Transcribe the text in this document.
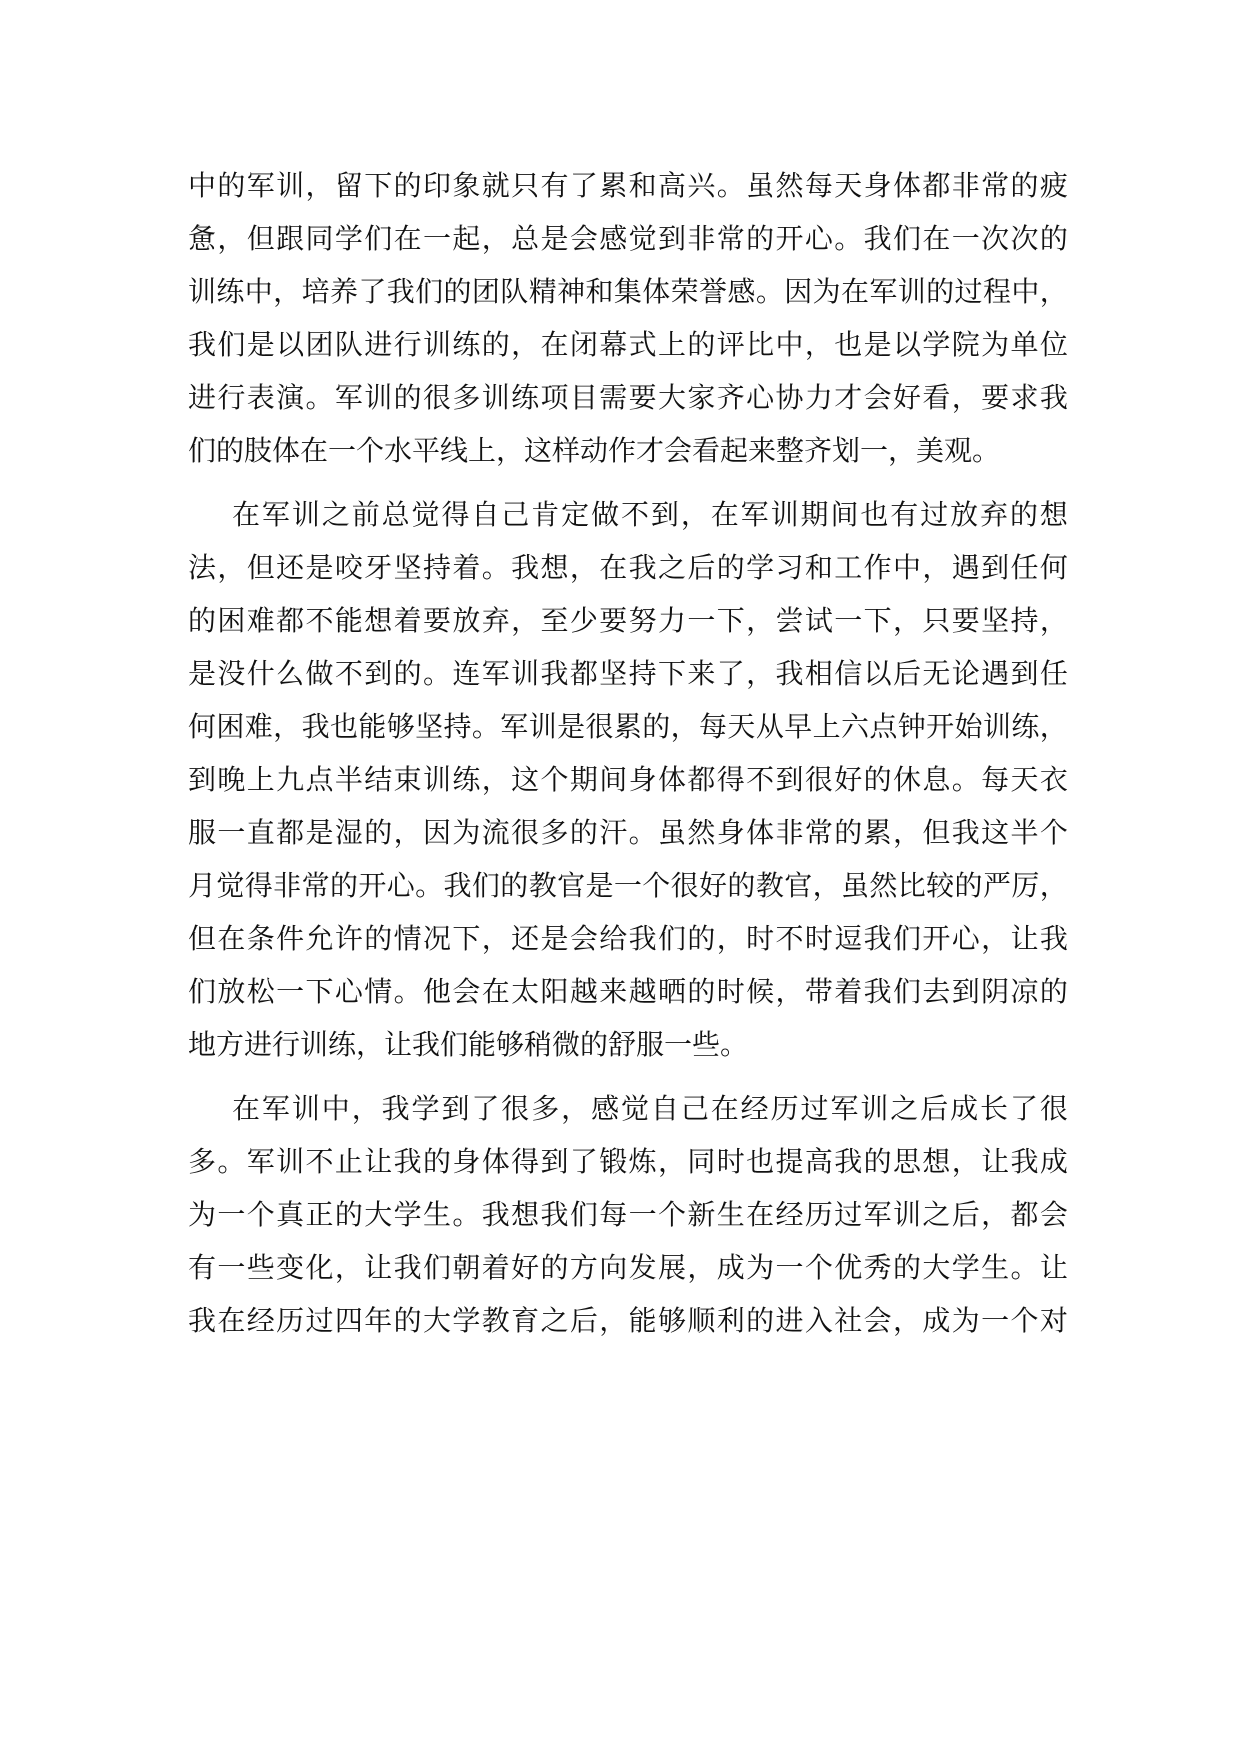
中 的 军 训 ， 留 下 的 印 象 就 只 有 了 累 和 高 兴 。 虽 然 每 天 身 体 都 非 常 的 疲
惫 ， 但 跟 同 学 们 在 一 起 ， 总 是 会 感 觉 到 非 常 的 开 心 。 我 们 在 一 次 次 的
训 练 中 ， 培 养 了 我 们 的 团 队 精 神 和 集 体 荣 誉 感 。 因 为 在 军 训 的 过 程 中 ，
我 们 是 以 团 队 进 行 训 练 的 ， 在 闭 幕 式 上 的 评 比 中 ， 也 是 以 学 院 为 单 位
进 行 表 演 。 军 训 的 很 多 训 练 项 目 需 要 大 家 齐 心 协 力 才 会 好 看 ， 要 求 我
们的肢体在一个水平线上，这样动作才会看起来整齐划一，美观。
在 军 训 之 前 总 觉 得 自 己 肯 定 做 不 到 ， 在 军 训 期 间 也 有 过 放 弃 的 想
法 ， 但 还 是 咬 牙 坚 持 着 。 我 想 ， 在 我 之 后 的 学 习 和 工 作 中 ， 遇 到 任 何
的 困 难 都 不 能 想 着 要 放 弃 ， 至 少 要 努 力 一 下 ， 尝 试 一 下 ， 只 要 坚 持 ，
是 没 什 么 做 不 到 的 。 连 军 训 我 都 坚 持 下 来 了 ， 我 相 信 以 后 无 论 遇 到 任
何 困 难 ， 我 也 能 够 坚 持 。 军 训 是 很 累 的 ， 每 天 从 早 上 六 点 钟 开 始 训 练 ，
到 晚 上 九 点 半 结 束 训 练 ， 这 个 期 间 身 体 都 得 不 到 很 好 的 休 息 。 每 天 衣
服 一 直 都 是 湿 的 ， 因 为 流 很 多 的 汗 。 虽 然 身 体 非 常 的 累 ， 但 我 这 半 个
月 觉 得 非 常 的 开 心 。 我 们 的 教 官 是 一 个 很 好 的 教 官 ， 虽 然 比 较 的 严 厉 ，
但 在 条 件 允 许 的 情 况 下 ， 还 是 会 给 我 们 的 ， 时 不 时 逗 我 们 开 心 ， 让 我
们 放 松 一 下 心 情 。 他 会 在 太 阳 越 来 越 晒 的 时 候 ， 带 着 我 们 去 到 阴 凉 的
地方进行训练，让我们能够稍微的舒服一些。
在 军 训 中 ， 我 学 到 了 很 多 ， 感 觉 自 己 在 经 历 过 军 训 之 后 成 长 了 很
多 。 军 训 不 止 让 我 的 身 体 得 到 了 锻 炼 ， 同 时 也 提 高 我 的 思 想 ， 让 我 成
为 一 个 真 正 的 大 学 生 。 我 想 我 们 每 一 个 新 生 在 经 历 过 军 训 之 后 ， 都 会
有 一 些 变 化 ， 让 我 们 朝 着 好 的 方 向 发 展 ， 成 为 一 个 优 秀 的 大 学 生 。 让
我 在 经 历 过 四 年 的 大 学 教 育 之 后 ， 能 够 顺 利 的 进 入 社 会 ， 成 为 一 个 对
